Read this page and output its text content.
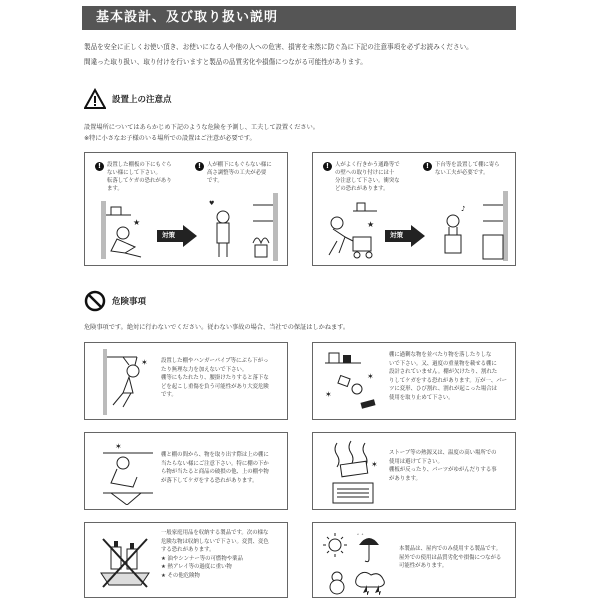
基本設計、及び取り扱い説明
製品を安全に正しくお使い頂き、お使いになる人や他の人への危害、損害を未然に防ぐ為に下記の注意事項を必ずお読みください。
間違った取り扱い、取り付けを行いますと製品の品質劣化や損傷につながる可能性があります。
設置上の注意点
設置場所についてはあらかじめ下記のような危険を予測し、工夫して設置ください。
※特に小さなお子様のいる場所での設置はご注意が必要です。
!	設置した棚板の下にもぐら
ない様にして下さい。
転落してケガの恐れがあり
ます。
!	人が棚下にもぐらない様に
高さ調整等の工夫が必要
です。
★
対策
♥
!	人がよく行きかう通路等で
の壁への取り付けには十
分注意して下さい。衝突な
どの恐れがあります。
!	下台等を設置して棚に寄ら
ない工夫が必要です。
★
対策
♪
危険事項
危険事項です。絶対に行わないでください。従わない事故の場合、当社での保証はしかねます。
✶ 設置した棚やハンガーパイプ等にぶら下がっ
たり無理な力を加えないで下さい。
棚等にもたれたり、腰掛けたりすると落下な
どを起こし重傷を負う可能性があり大変危険
です。	✶
✶
棚に過剰な物を並べたり物を落したりしな
いで下さい。又、過度の重量物を載せる棚に
設計されていません。棚が欠けたり、割れた
りしてケガをする恐れがあります。万が一、パー
ツに変形、ひび割れ、割れが起こった場合は
使用を取り止めて下さい。
✶
棚と棚の間から、物を取り出す際は上の棚に
当たらない様にご注意下さい。特に棚の下か
ら物が当たると商品の破損の他、上の棚や物
が落下してケガをする恐れがあります。
✶
ストーブ等の熱源又は、温度の高い場所での
使用は避けて下さい。
棚板が反ったり、パーツがゆがんだりする事
があります。
一般家庭用品を収納する製品です。次の様な
危険な物は収納しないで下さい。変質、変色
する恐れがあります。
★ 油やシンナー等の可燃物や薬品
★ 熱アレイ等の過度に重い物
★ その他危険物
ﾞ ﾞ
本製品は、屋内でのみ使用する製品です。
屋外での使用は品質劣化や損傷につながる
可能性があります。
